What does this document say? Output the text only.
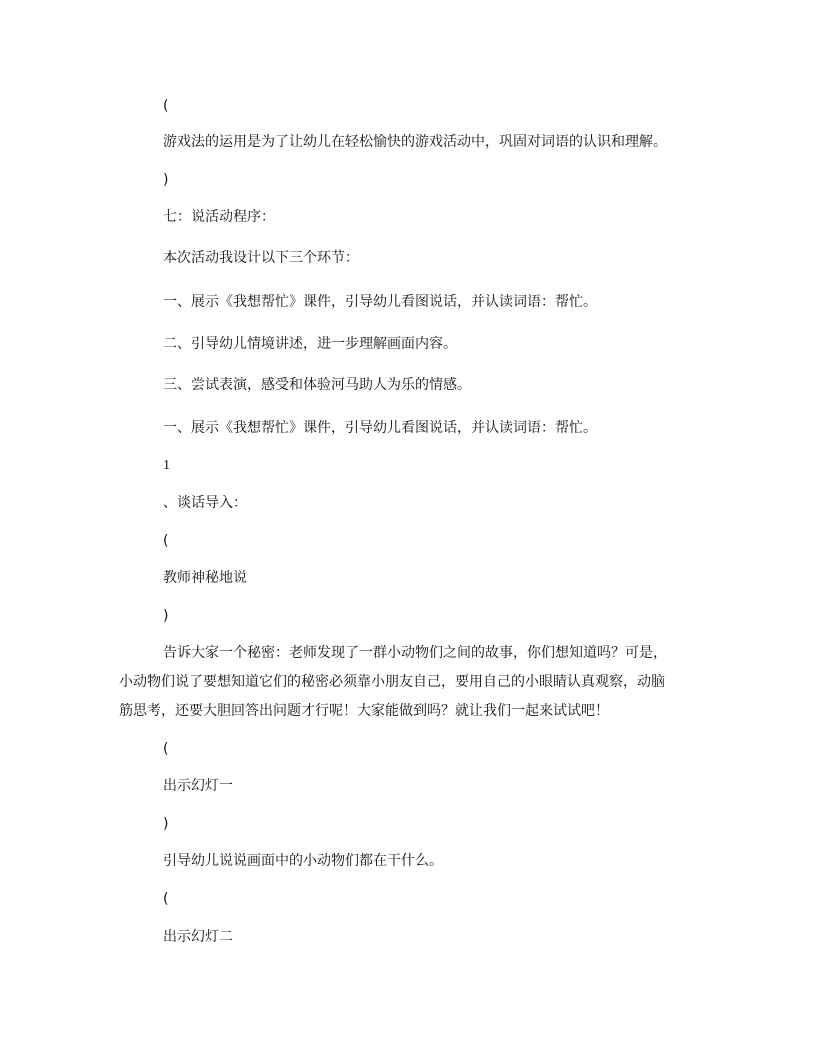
(
游戏法的运用是为了让幼儿在轻松愉快的游戏活动中，巩固对词语的认识和理解。
)
七：说活动程序：
本次活动我设计以下三个环节：
一、展示《我想帮忙》课件，引导幼儿看图说话，并认读词语：帮忙。
二、引导幼儿情境讲述，进一步理解画面内容。
三、尝试表演，感受和体验河马助人为乐的情感。
一、展示《我想帮忙》课件，引导幼儿看图说话，并认读词语：帮忙。
1
、谈话导入：
(
教师神秘地说
)
告诉大家一个秘密：老师发现了一群小动物们之间的故事，你们想知道吗？可是，
小动物们说了要想知道它们的秘密必须靠小朋友自己，要用自己的小眼睛认真观察，动脑
筋思考，还要大胆回答出问题才行呢！大家能做到吗？就让我们一起来试试吧！
(
出示幻灯一
)
引导幼儿说说画面中的小动物们都在干什么。
(
出示幻灯二
